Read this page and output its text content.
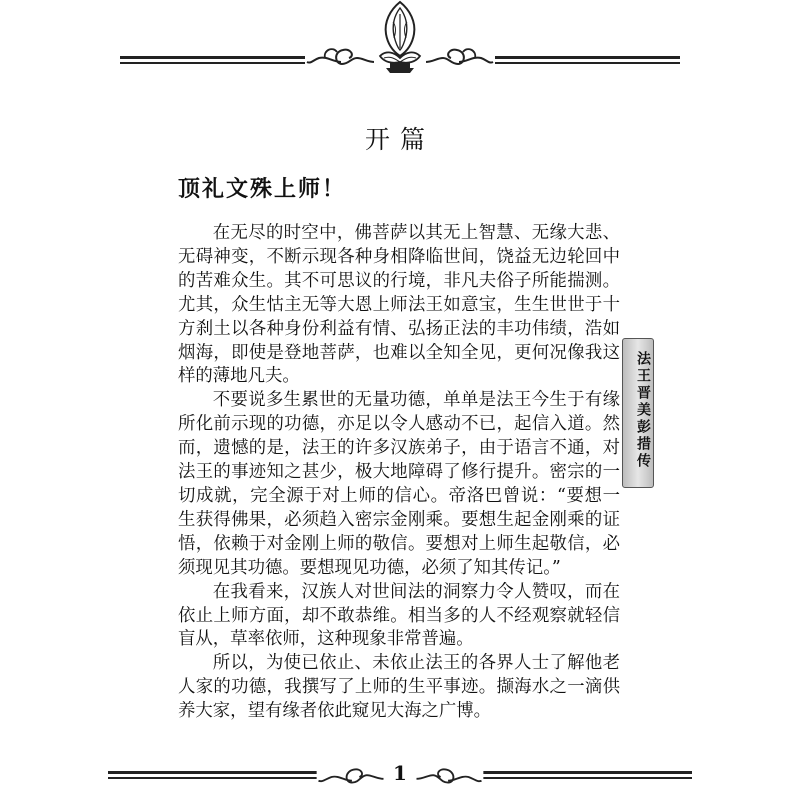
开篇
顶礼文殊上师！

在无尽的时空中，佛菩萨以其无上智慧、无缘大悲、无碍神变，不断示现各种身相降临世间，饶益无边轮回中的苦难众生。其不可思议的行境，非凡夫俗子所能揣测。尤其，众生怙主无等大恩上师法王如意宝，生生世世于十方刹土以各种身份利益有情、弘扬正法的丰功伟绩，浩如烟海，即使是登地菩萨，也难以全知全见，更何况像我这样的薄地凡夫。

不要说多生累世的无量功德，单单是法王今生于有缘所化前示现的功德，亦足以令人感动不已，起信入道。然而，遗憾的是，法王的许多汉族弟子，由于语言不通，对法王的事迹知之甚少，极大地障碍了修行提升。密宗的一切成就，完全源于对上师的信心。帝洛巴曾说：“要想一生获得佛果，必须趋入密宗金刚乘。要想生起金刚乘的证悟，依赖于对金刚上师的敬信。要想对上师生起敬信，必须现见其功德。要想现见功德，必须了知其传记。”

在我看来，汉族人对世间法的洞察力令人赞叹，而在依止上师方面，却不敢恭维。相当多的人不经观察就轻信盲从，草率依师，这种现象非常普遍。

所以，为使已依止、未依止法王的各界人士了解他老人家的功德，我撰写了上师的生平事迹。撷海水之一滴供养大家，望有缘者依此窥见大海之广博。

法王晋美彭措传
1
